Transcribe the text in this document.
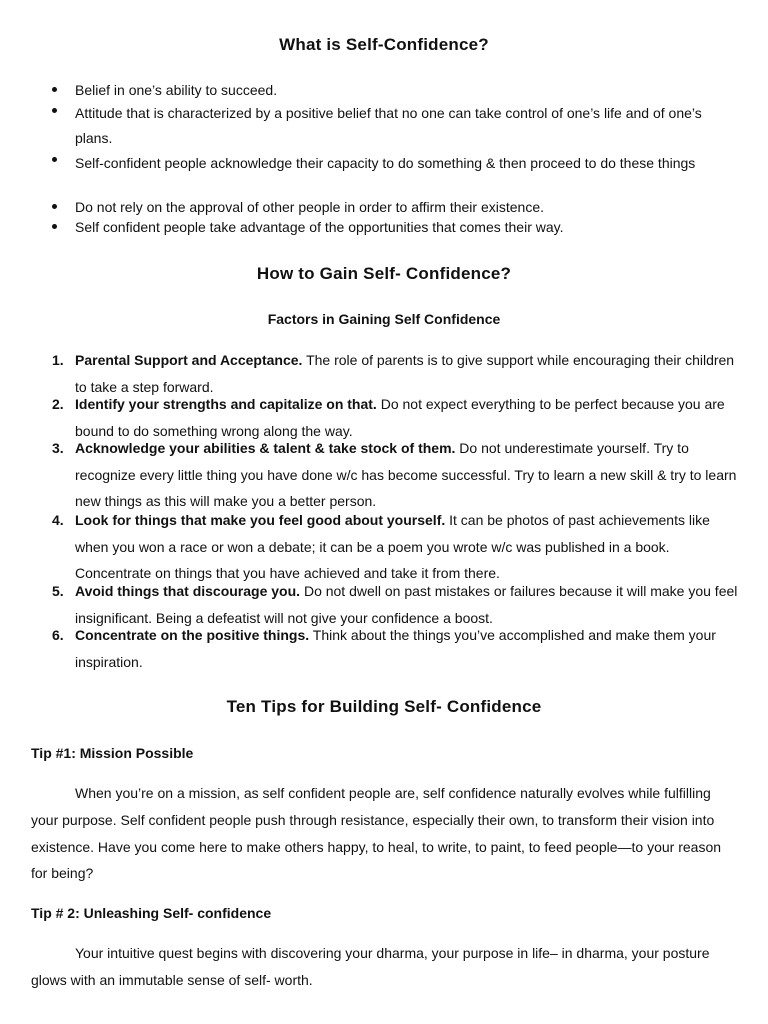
What is Self-Confidence?
Belief in one’s ability to succeed.
Attitude that is characterized by a positive belief that no one can take control of one’s life and of one’s plans.
Self-confident people acknowledge their capacity to do something & then proceed to do these things
Do not rely on the approval of other people in order to affirm their existence.
Self confident people take advantage of the opportunities that comes their way.
How to Gain Self- Confidence?
Factors in Gaining Self Confidence
1. Parental Support and Acceptance. The role of parents is to give support while encouraging their children to take a step forward.
2. Identify your strengths and capitalize on that. Do not expect everything to be perfect because you are bound to do something wrong along the way.
3. Acknowledge your abilities & talent & take stock of them. Do not underestimate yourself. Try to recognize every little thing you have done w/c has become successful. Try to learn a new skill & try to learn new things as this will make you a better person.
4. Look for things that make you feel good about yourself. It can be photos of past achievements like when you won a race or won a debate; it can be a poem you wrote w/c was published in a book. Concentrate on things that you have achieved and take it from there.
5. Avoid things that discourage you. Do not dwell on past mistakes or failures because it will make you feel insignificant. Being a defeatist will not give your confidence a boost.
6. Concentrate on the positive things. Think about the things you’ve accomplished and make them your inspiration.
Ten Tips for Building Self- Confidence
Tip #1: Mission Possible
When you’re on a mission, as self confident people are, self confidence naturally evolves while fulfilling your purpose. Self confident people push through resistance, especially their own, to transform their vision into existence. Have you come here to make others happy, to heal, to write, to paint, to feed people—to your reason for being?
Tip # 2: Unleashing Self- confidence
Your intuitive quest begins with discovering your dharma, your purpose in life– in dharma, your posture glows with an immutable sense of self- worth.
